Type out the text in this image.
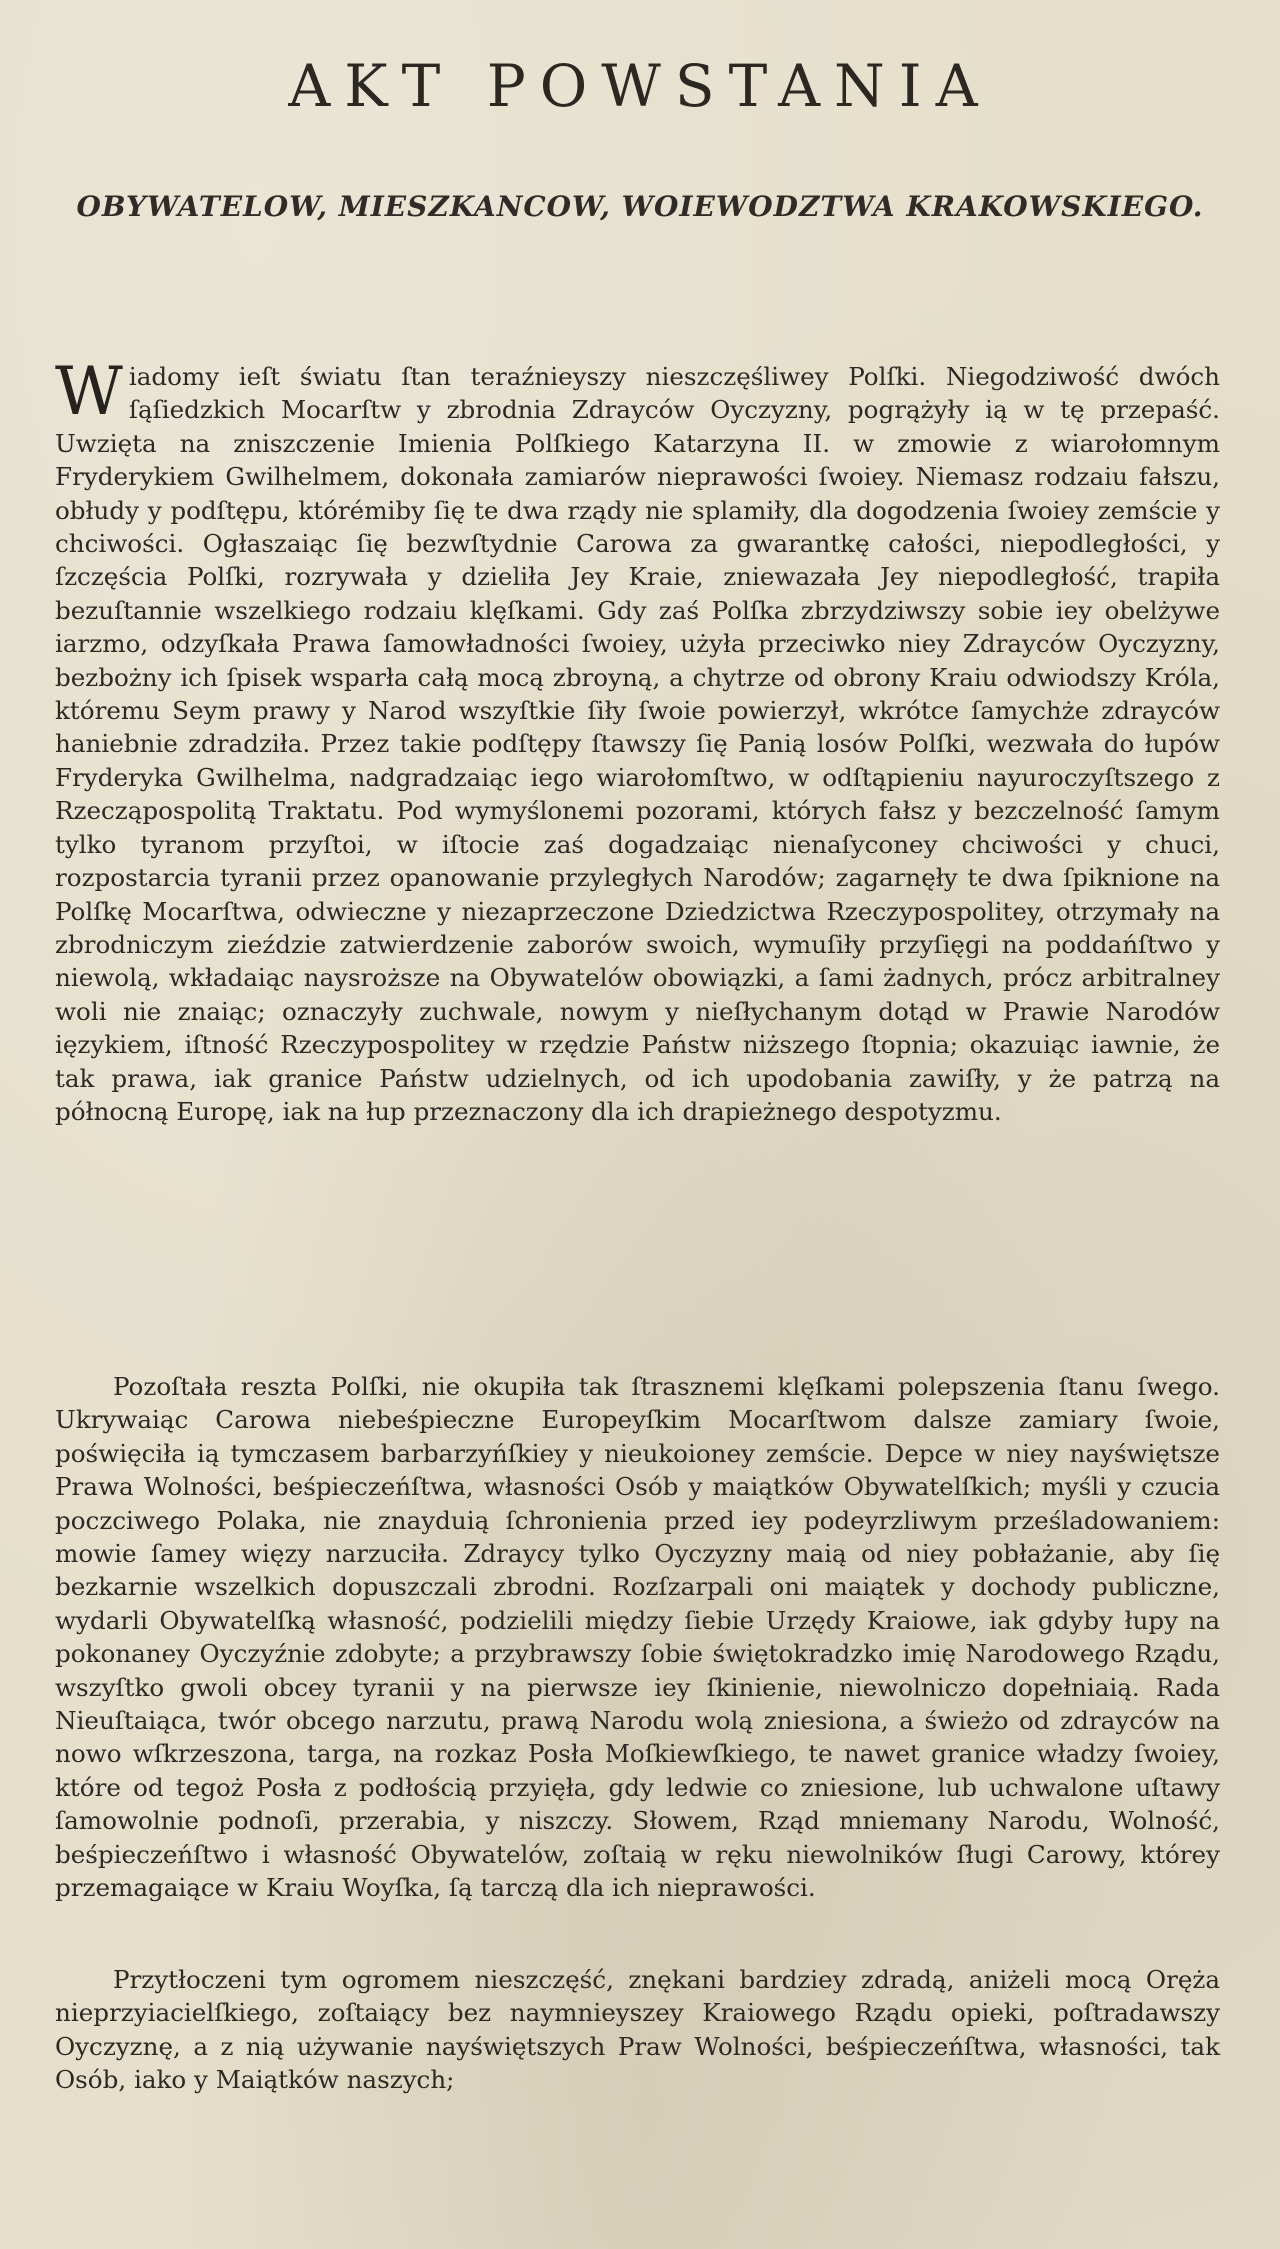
AKT POWSTANIA
OBYWATELOW, MIESZKANCOW, WOIEWODZTWA KRAKOWSKIEGO.

Wiadomy ieſt światu ſtan teraźnieyszy nieszczęśliwey Polſki. Niegodziwość dwóch ſąſiedzkich Mocarſtw y zbrodnia Zdrayców Oyczyzny, pogrążyły ią w tę przepaść. Uwzięta na zniszczenie Imienia Polſkiego Katarzyna II. w zmowie z wiarołomnym Fryderykiem Gwilhelmem, dokonała zamiarów nieprawości ſwoiey. Niemasz rodzaiu fałszu, obłudy y podſtępu, którémiby ſię te dwa rządy nie splamiły, dla dogodzenia ſwoiey zemście y chciwości. Ogłaszaiąc ſię bezwſtydnie Carowa za gwarantkę całości, niepodległości, y ſzczęścia Polſki, rozrywała y dzieliła Jey Kraie, zniewazała Jey niepodległość, trapiła bezuſtannie wszelkiego rodzaiu klęſkami. Gdy zaś Polſka zbrzydziwszy sobie iey obelżywe iarzmo, odzyſkała Prawa ſamowładności ſwoiey, użyła przeciwko niey Zdrayców Oyczyzny, bezbożny ich ſpisek wsparła całą mocą zbroyną, a chytrze od obrony Kraiu odwiodszy Króla, któremu Seym prawy y Narod wszyſtkie ſiły ſwoie powierzył, wkrótce ſamychże zdrayców haniebnie zdradziła. Przez takie podſtępy ſtawszy ſię Panią losów Polſki, wezwała do łupów Fryderyka Gwilhelma, nadgradzaiąc iego wiarołomſtwo, w odſtąpieniu nayuroczyſtszego z Rzecząpospolitą Traktatu. Pod wymyślonemi pozorami, których fałsz y bezczelność ſamym tylko tyranom przyſtoi, w iſtocie zaś dogadzaiąc nienaſyconey chciwości y chuci, rozpostarcia tyranii przez opanowanie przyległych Narodów; zagarnęły te dwa ſpiknione na Polſkę Mocarſtwa, odwieczne y niezaprzeczone Dziedzictwa Rzeczypospolitey, otrzymały na zbrodniczym zieździe zatwierdzenie zaborów swoich, wymuſiły przyſięgi na poddańſtwo y niewolą, wkładaiąc naysroższe na Obywatelów obowiązki, a ſami żadnych, prócz arbitralney woli nie znaiąc; oznaczyły zuchwale, nowym y nieſłychanym dotąd w Prawie Narodów ięzykiem, iſtność Rzeczypospolitey w rzędzie Państw niższego ſtopnia; okazuiąc iawnie, że tak prawa, iak granice Państw udzielnych, od ich upodobania zawiſły, y że patrzą na północną Europę, iak na łup przeznaczony dla ich drapieżnego despotyzmu.

Pozoſtała reszta Polſki, nie okupiła tak ſtrasznemi klęſkami polepszenia ſtanu ſwego. Ukrywaiąc Carowa niebeśpieczne Europeyſkim Mocarſtwom dalsze zamiary ſwoie, poświęciła ią tymczasem barbarzyńſkiey y nieukoioney zemście. Depce w niey nayświętsze Prawa Wolności, beśpieczeńſtwa, własności Osób y maiątków Obywatelſkich; myśli y czucia poczciwego Polaka, nie znayduią ſchronienia przed iey podeyrzliwym prześladowaniem: mowie ſamey więzy narzuciła. Zdraycy tylko Oyczyzny maią od niey pobłażanie, aby ſię bezkarnie wszelkich dopuszczali zbrodni. Rozſzarpali oni maiątek y dochody publiczne, wydarli Obywatelſką własność, podzielili między ſiebie Urzędy Kraiowe, iak gdyby łupy na pokonaney Oyczyźnie zdobyte; a przybrawszy ſobie świętokradzko imię Narodowego Rządu, wszyſtko gwoli obcey tyranii y na pierwsze iey ſkinienie, niewolniczo dopełniaią. Rada Nieuſtaiąca, twór obcego narzutu, prawą Narodu wolą zniesiona, a świeżo od zdrayców na nowo wſkrzeszona, targa, na rozkaz Posła Moſkiewſkiego, te nawet granice władzy ſwoiey, które od tegoż Posła z podłością przyięła, gdy ledwie co zniesione, lub uchwalone uſtawy ſamowolnie podnoſi, przerabia, y niszczy. Słowem, Rząd mniemany Narodu, Wolność, beśpieczeńſtwo i własność Obywatelów, zoſtaią w ręku niewolników ſługi Carowy, którey przemagaiące w Kraiu Woyſka, ſą tarczą dla ich nieprawości.

Przytłoczeni tym ogromem nieszczęść, znękani bardziey zdradą, aniżeli mocą Oręża nieprzyiacielſkiego, zoſtaiący bez naymnieyszey Kraiowego Rządu opieki, poſtradawszy Oyczyznę, a z nią używanie nayświętszych Praw Wolności, beśpieczeńſtwa, własności, tak Osób, iako y Maiątków naszych;
